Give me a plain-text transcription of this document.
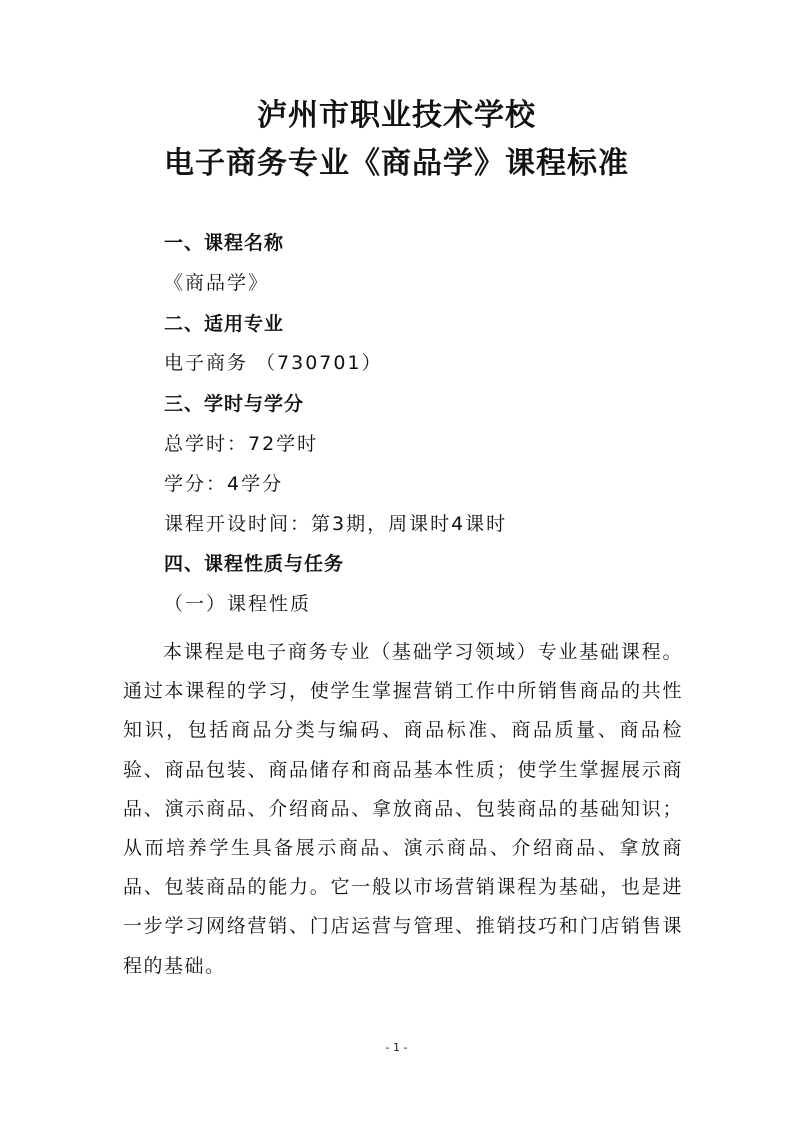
泸州市职业技术学校
电子商务专业《商品学》课程标准
一、课程名称
《商品学》
二、适用专业
电子商务 （730701）
三、学时与学分
总学时：72学时
学分：4学分
课程开设时间：第3期，周课时4课时
四、课程性质与任务
（一）课程性质
本课程是电子商务专业（基础学习领域）专业基础课程。通过本课程的学习，使学生掌握营销工作中所销售商品的共性知识，包括商品分类与编码、商品标准、商品质量、商品检验、商品包装、商品储存和商品基本性质；使学生掌握展示商品、演示商品、介绍商品、拿放商品、包装商品的基础知识；从而培养学生具备展示商品、演示商品、介绍商品、拿放商品、包装商品的能力。它一般以市场营销课程为基础，也是进一步学习网络营销、门店运营与管理、推销技巧和门店销售课程的基础。
- 1 -
